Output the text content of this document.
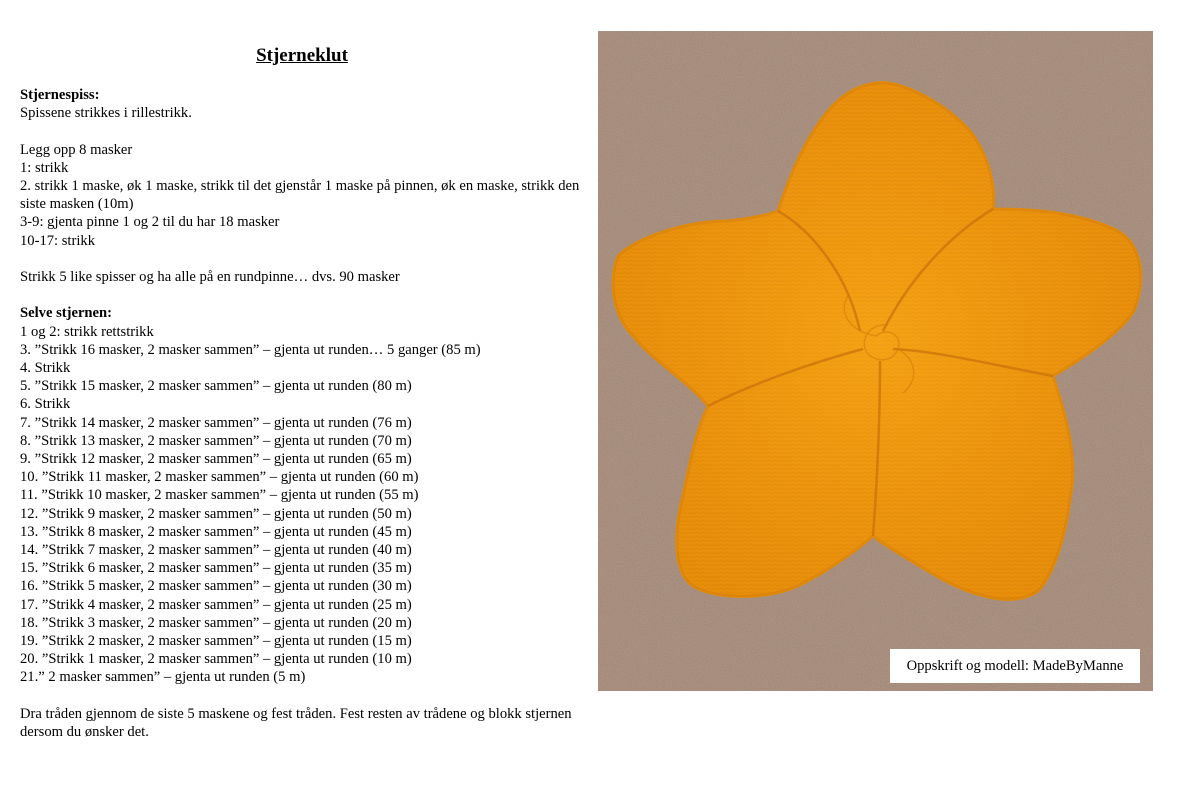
Stjerneklut
Stjernespiss:
Spissene strikkes i rillestrikk.
Legg opp 8 masker
1: strikk
2. strikk 1 maske, øk 1 maske, strikk til det gjenstår 1 maske på pinnen, øk en maske, strikk den siste masken (10m)
3-9: gjenta pinne 1 og 2 til du har 18 masker
10-17: strikk
Strikk 5 like spisser og ha alle på en rundpinne… dvs. 90 masker
Selve stjernen:
1 og 2: strikk rettstrikk
3. ”Strikk 16 masker, 2 masker sammen” – gjenta ut runden… 5 ganger (85 m)
4. Strikk
5. ”Strikk 15 masker, 2 masker sammen” – gjenta ut runden (80 m)
6. Strikk
7. ”Strikk 14 masker, 2 masker sammen” – gjenta ut runden (76 m)
8. ”Strikk 13 masker, 2 masker sammen” – gjenta ut runden (70 m)
9. ”Strikk 12 masker, 2 masker sammen” – gjenta ut runden (65 m)
10. ”Strikk 11 masker, 2 masker sammen” – gjenta ut runden (60 m)
11. ”Strikk 10 masker, 2 masker sammen” – gjenta ut runden (55 m)
12. ”Strikk 9 masker, 2 masker sammen” – gjenta ut runden (50 m)
13. ”Strikk 8 masker, 2 masker sammen” – gjenta ut runden (45 m)
14. ”Strikk 7 masker, 2 masker sammen” – gjenta ut runden (40 m)
15. ”Strikk 6 masker, 2 masker sammen” – gjenta ut runden (35 m)
16. ”Strikk 5 masker, 2 masker sammen” – gjenta ut runden (30 m)
17. ”Strikk 4 masker, 2 masker sammen” – gjenta ut runden (25 m)
18. ”Strikk 3 masker, 2 masker sammen” – gjenta ut runden (20 m)
19. ”Strikk 2 masker, 2 masker sammen” – gjenta ut runden (15 m)
20. ”Strikk 1 masker, 2 masker sammen” – gjenta ut runden (10 m)
21.” 2 masker sammen” – gjenta ut runden (5 m)
Dra tråden gjennom de siste 5 maskene og fest tråden. Fest resten av trådene og blokk stjernen dersom du ønsker det.
Oppskrift og modell: MadeByManne
